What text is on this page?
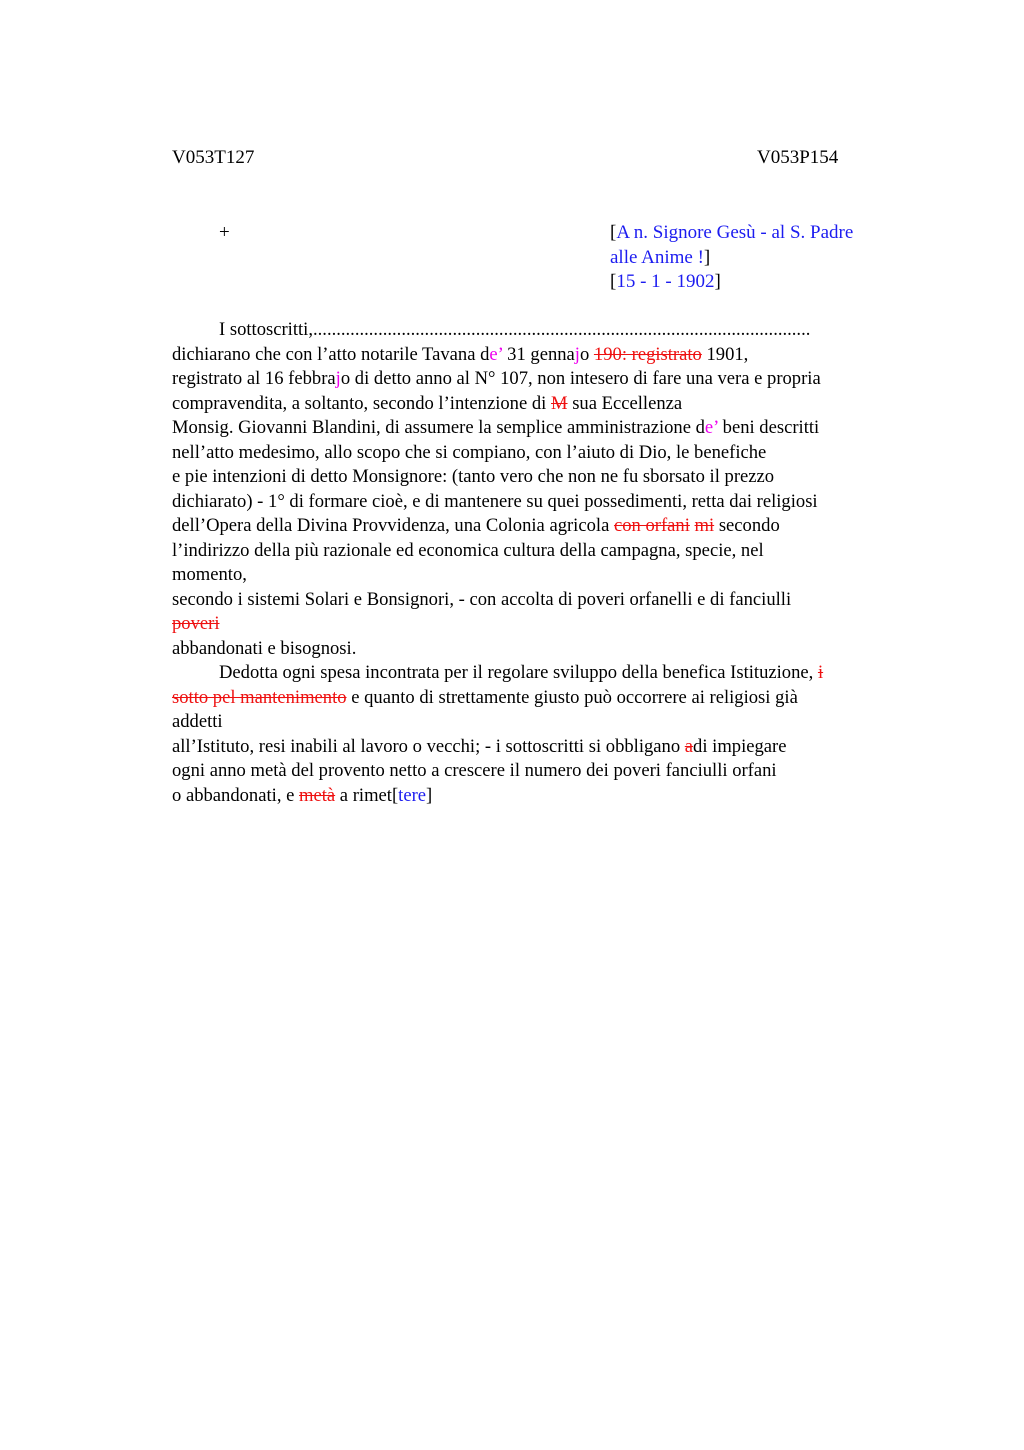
V053T127	V053P154
+	[A n. Signore Gesù - al S. Padre
alle Anime !]
[15 - 1 - 1902]
I sottoscritti,...........................................................................................................
dichiarano che con l’atto notarile Tavana de’ 31 gennajo 190: registrato 1901,
registrato al 16 febbrajo di detto anno al N° 107, non intesero di fare una vera e propria
compravendita, a soltanto, secondo l’intenzione di M sua Eccellenza
Monsig. Giovanni Blandini, di assumere la semplice amministrazione de’ beni descritti
nell’atto medesimo, allo scopo che si compiano, con l’aiuto di Dio, le benefiche
e pie intenzioni di detto Monsignore: (tanto vero che non ne fu sborsato il prezzo
dichiarato) - 1° di formare cioè, e di mantenere su quei possedimenti, retta dai religiosi
dell’Opera della Divina Provvidenza, una Colonia agricola con orfani mi secondo
l’indirizzo della più razionale ed economica cultura della campagna, specie, nel
momento,
secondo i sistemi Solari e Bonsignori, - con accolta di poveri orfanelli e di fanciulli
poveri
abbandonati e bisognosi.
Dedotta ogni spesa incontrata per il regolare sviluppo della benefica Istituzione, i
sotto pel mantenimento e quanto di strettamente giusto può occorrere ai religiosi già
addetti
all’Istituto, resi inabili al lavoro o vecchi; - i sottoscritti si obbligano adi impiegare
ogni anno metà del provento netto a crescere il numero dei poveri fanciulli orfani
o abbandonati, e metà a rimet[tere]
